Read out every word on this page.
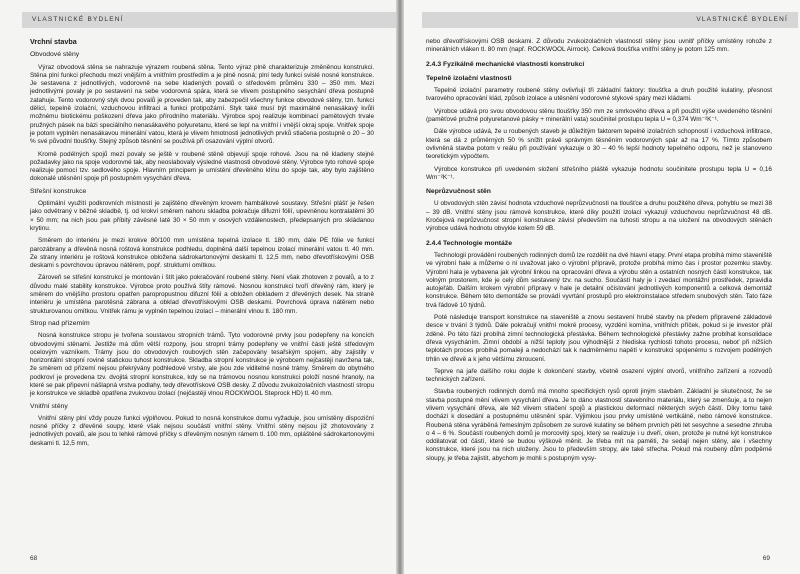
VLASTNICKÉ BYDLENÍ
Vrchní stavba
Obvodové stěny

Výraz obvodová stěna se nahrazuje výrazem roubená stěna. Tento výraz plně charakterizuje změněnou konstrukci. Stěna plní funkci přechodu mezi vnějším a vnitřním prostředím a je plně nosná; plní tedy funkci svislé nosné konstrukce. Je sestavena z jednotlivých, vodorovně na sebe kladených povalů o středovém průměru 330 – 350 mm. Mezi jednotlivými povaly je po sestavení na sebe vodorovná spára, která se vlivem postupného sesychání dřeva postupně zatahuje. Tento vodorovný styk dvou povalů je proveden tak, aby zabezpečil všechny funkce obvodové stěny, tzn. funkci dělicí, tepelně izolační, vzduchovou infiltraci a funkci protipožární. Styk také musí být maximálně nenasákavý kvůli možnému biotickému poškození dřeva jako přírodního materiálu. Výrobce spoj realizuje kombinací pamětových trvale pružných pásek na bázi speciálního nenasákavého polyuretanu, které se lepí na vnitřní i vnější okraj spoje. Vnitřek spoje je potom vyplněn nenasákavou minerální vatou, která je vlivem hmotnosti jednotlivých prvků stlačena postupně o 20 – 30 % své původní tloušťky. Stejný způsob těsnění se používá při osazování výplní otvorů.

Kromě podélných spojů mezi povaly se ještě v roubené stěně objevují spoje rohové. Jsou na ně kladeny stejné požadavky jako na spoje vodorovné tak, aby neoslabovaly výsledné vlastnosti obvodové stěny. Výrobce tyto rohové spoje realizuje pomocí tzv. sedlového spoje. Hlavním principem je umístění dřevěného klínu do spoje tak, aby bylo zajištěno dokonalé utěsnění spoje při postupném vysychání dřeva.

Střešní konstrukce

Optimální využití podkrovních místností je zajištěno dřevěným krovem hambálkové soustavy. Střešní plášť je řešen jako odvětraný v běžné skladbě, tj. od krokví směrem nahoru skladba pokračuje difuzní fólií, upevněnou kontralatěmi 30 × 50 mm; na nich jsou pak příbitý závěsné latě 30 × 50 mm v osových vzdálenostech, předepsaných pro skládanou krytinu.

Směrem do interiéru je mezi krokve 80/100 mm umístěna tepelná izolace tl. 180 mm, dále PE fólie ve funkci parozábrany a dřevěná nosná roštová konstrukce podhledu, doplněná další tepelnou izolací minerální vatou tl. 40 mm. Ze strany interiéru je roštová konstrukce obložena sádrokartonovými deskami tl. 12,5 mm, nebo dřevotřískovými OSB deskami s povrchovou úpravou nátěrem, popř. strukturní omítkou.

Zároveň se střešní konstrukcí je montován i štít jako pokračování roubené stěny. Není však zhotoven z povalů, a to z důvodu malé stability konstrukce. Výrobce proto používá štíty rámové. Nosnou konstrukci tvoří dřevěný rám, který je směrem do vnějšího prostoru opatřen paropropustnou difuzní fólií a obložen obkladem z dřevěných desek. Na straně interiéru je umístěna parotěsná zábrana a obklad dřevotřískovými OSB deskami. Povrchová úprava nátěrem nebo strukturovanou omítkou. Vnitřek rámu je vyplněn tepelnou izolací – minerální vlnou tl. 180 mm.

Strop nad přízemím

Nosná konstrukce stropu je tvořena soustavou stropních trámů. Tyto vodorovné prvky jsou podepřeny na koncích obvodovými stěnami. Jestliže má dům větší rozpony, jsou stropní trámy podepřeny ve vnitřní části ještě středovým ocelovým vazníkem. Trámy jsou do obvodových roubových stěn začepovány tesařským spojem, aby zajistily v horizontální stropní rovině statickou tuhost konstrukce. Skladba stropní konstrukce je výrobcem nejčastěji navržena tak, že směrem od přízemí nejsou překrývány podhledové vrstvy, ale jsou zde viditelné nosné trámy. Směrem do obytného podkroví je provedena tzv. dvojitá stropní konstrukce, kdy se na trámovou nosnou konstrukci položí nosné hranoly, na které se pak připevní nášlapná vrstva podlahy, tedy dřevotřískové OSB desky. Z důvodu zvukoizolačních vlastností stropu je konstrukce ve skladbě opatřena zvukovou izolací (nejčastěji vlnou ROCKWOOL Steprock HD) tl. 40 mm.

Vnitřní stěny

Vnitřní stěny plní vždy pouze funkci výplňovou. Pokud to nosná konstrukce domu vyžaduje, jsou umístěny dispoziční nosné příčky z dřevěné soupy, které však nejsou součástí vnitřní stěny. Vnitřní stěny nejsou již zhotovovány z jednotlivých povalů, ale jsou to lehké rámové příčky s dřevěným nosným rámem tl. 100 mm, opláštěné sádrokartonovými deskami tl. 12,5 mm,

68
VLASTNICKÉ BYDLENÍ

nebo dřevotřískovými OSB deskami. Z důvodu zvukoizolačních vlastností stěny jsou uvnitř příčky umístěny rohože z minerálních vláken tl. 80 mm (např. ROCKWOOL Airrock). Celková tloušťka vnitřní stěny je potom 125 mm.

2.4.3 Fyzikálně mechanické vlastnosti konstrukcí
Tepelně izolační vlastnosti

Tepelně izolační parametry roubené stěny ovlivňují tři základní faktory: tloušťka a druh použité kulatiny, přesnost tvarového opracování klád, způsob izolace a utěsnění vodorovné stykové spáry mezi kládami.

Výrobce udává pro svou obvodovou stěnu tloušťky 350 mm ze smrkového dřeva a při použití výše uvedeného těsnění (paměťové pružné polyuretanové pásky + minerální vata) součinitel prostupu tepla U = 0,374 Wm⁻²K⁻¹.

Dále výrobce udává, že u roubených staveb je důležitým faktorem tepelně izolačních schopností i vzduchová infiltrace, která se dá z průměrných 50 % snížit právě správným těsněním vodorovných spár až na 17 %. Tímto způsobem ovlivněná stavba potom v reálu při používání vykazuje o 30 – 40 % lepší hodnoty tepelného odporu, než je stanoveno teoretickým výpočtem.

Výrobce konstrukce při uvedeném složení střešního pláště vykazuje hodnotu součinitele prostupu tepla U = 0,16 Wm⁻²K⁻¹.

Neprůzvučnost stěn

U obvodových stěn závisí hodnota vzduchové neprůzvučnosti na tloušťce a druhu použitého dřeva, pohyblu se mezi 38 – 39 dB. Vnitřní stěny jsou rámové konstrukce, které díky použití izolací vykazují vzduchovou neprůzvučnost 48 dB. Kročejová neprůzvučnost stropní konstrukce závisí především na tuhosti stropu a na uložení na obvodových stěnách výrobce udává hodnotu obvykle kolem 59 dB.

2.4.4 Technologie montáže

Technologii provádění roubených rodinných domů lze rozdělit na dvě hlavní etapy. První etapa probíhá mimo staveniště ve výrobní hale a můžeme o ní uvažovat jako o výrobní přípravě, protože probíhá mimo čas i prostor pozemku stavby. Výrobní hala je vybavena jak výrobní linkou na opracování dřeva a výrobu stěn a ostatních nosných částí konstrukce, tak volným prostorem, kde je celý dům sestavený tzv. na sucho. Součástí haly je i zvedací montážní prostředek, zpravidla autojeřáb. Dalším krokem výrobní přípravy v hale je detailní očíslování jednotlivých komponentů a celková demontáž konstrukce. Během této demontáže se provádí vyvrtání prostupů pro elektroinstalace středem snubových stěn. Tato fáze trvá řádově 10 týdnů.

Poté následuje transport konstrukce na staveniště a znovu sestavení hrubé stavby na předem připravené základové desce v trvání 3 týdnů. Dále pokračují vnitřní mokré procesy, vyzdění komína, vnitřních příček, pokud si je investor přál zděné. Po této fázi probíhá zimní technologická přestávka. Během technologické přestávky zažne probíhat konsolidace dřeva vysycháním. Zimní období a nižší teploty jsou výhodnější z hlediska rychlosti tohoto procesu, neboť při nižších teplotách proces probíhá pomaleji a nedochází tak k nadměrnému napětí v konstrukci spojenému s rozvojem podélných trhlin ve dřevě a k jeho většímu zkroucení.

Teprve na jaře dalšího roku dojde k dokončení stavby, včetně osazení výplní otvorů, vnitřního zařízení a rozvodů technických zařízení.

Stavba roubených rodinných domů má mnoho specifických rysů oproti jiným stavbám. Základní je skutečnost, že se stavba postupně mění vlivem vysychání dřeva. Je to dáno vlastností stavebního materiálu, který se zmenšuje, a to nejen vlivem vysychání dřeva, ale též vlivem stlačení spojů a plastickou deformací některých svých částí. Díky tomu také dochází k dosedání a postupnému utěsnění spár. Výjimkou jsou prvky umístěné vertikálně, nebo rámové konstrukce. Roubená stěna vyráběná řemeslným způsobem ze surové kulatiny se během prvních pěti let sesychne a sesedne zhruba o 4 – 6 %. Součástí roubených domů je morcovitý spoj, který se realizuje i u dveří, oken, protože je nutné kýt konstrukce oddilatovat od částí, které se budou výškově měnit. Je třeba mít na paměti, že sedají nejen stěny, ale i všechny konstrukce, které jsou na nich uloženy. Jsou to především stropy, ale také střecha. Pokud má roubený dům podpěrné sloupy, je třeba zajistit, abychom je mohli s postupným vysy-

69
